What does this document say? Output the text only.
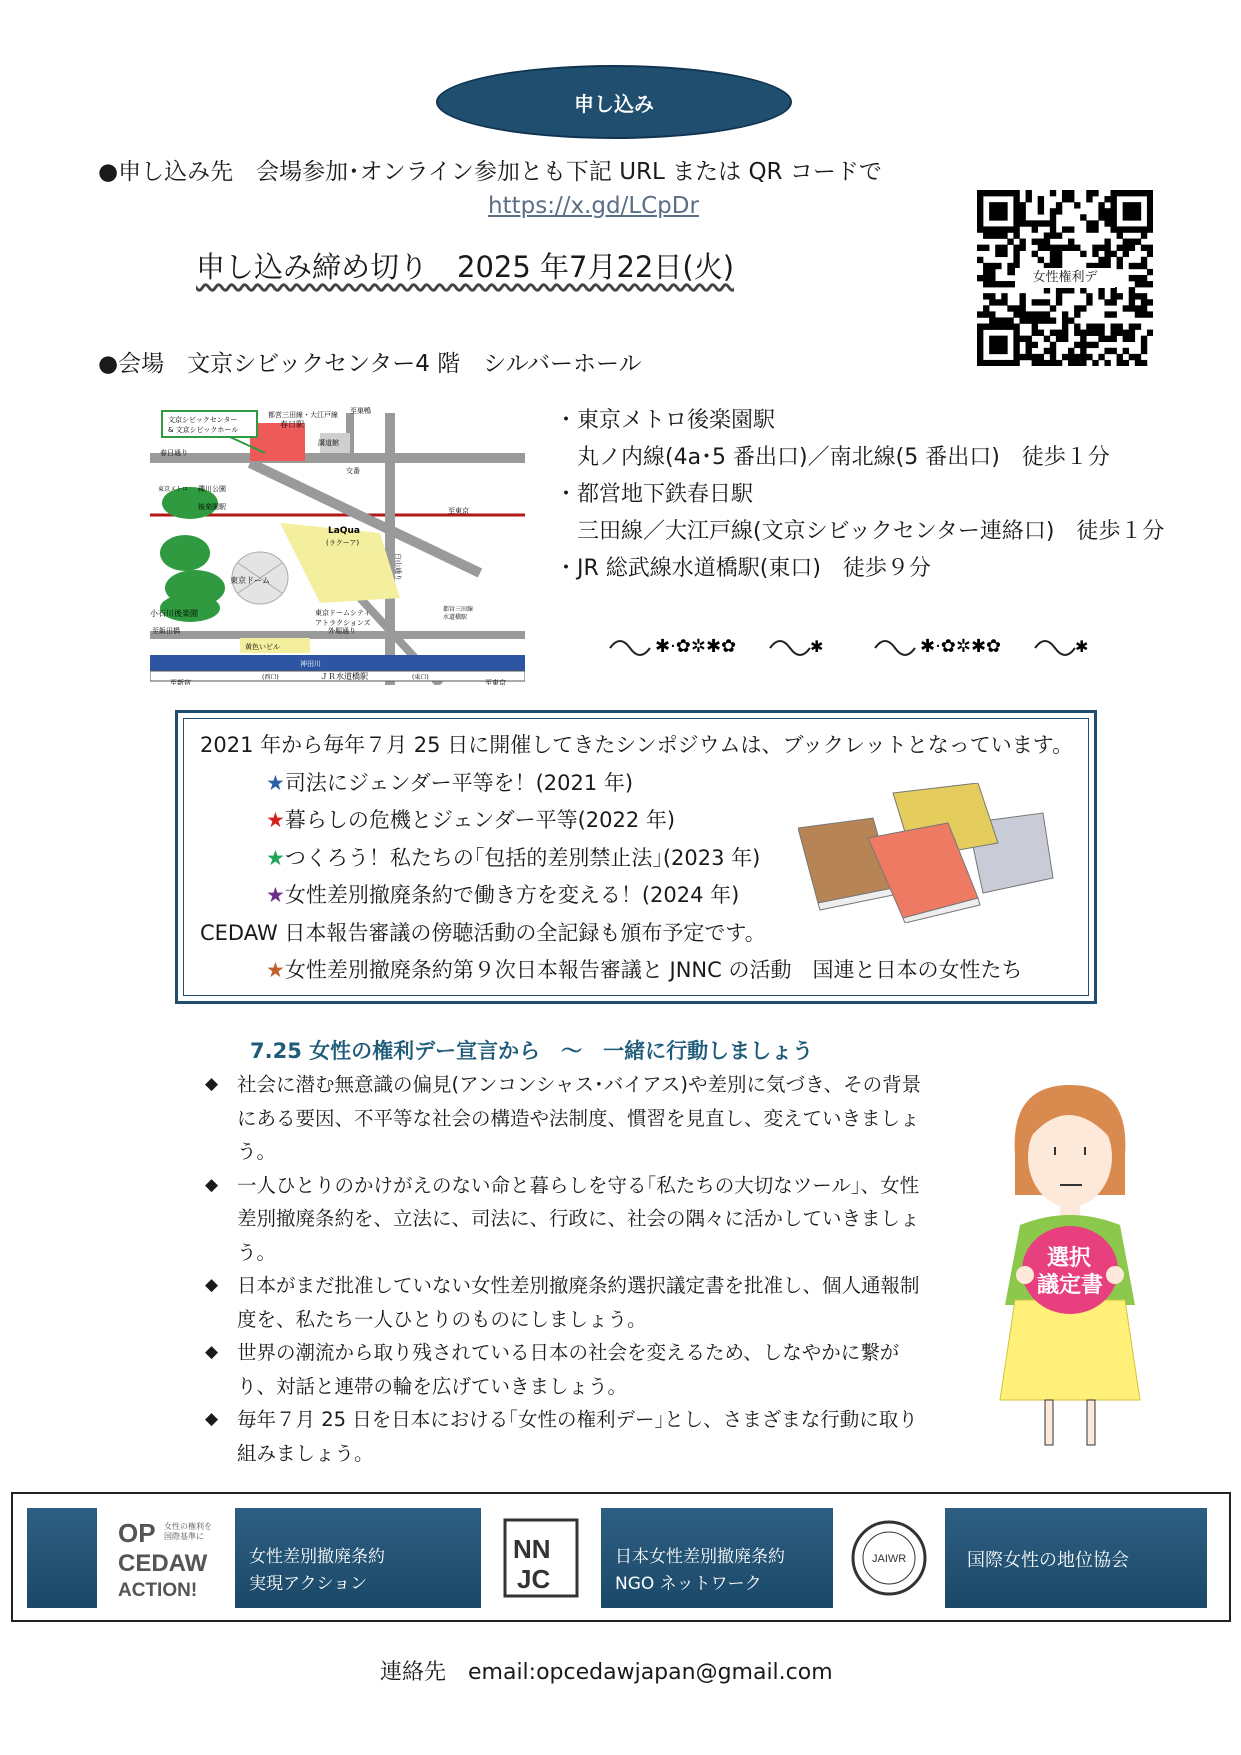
申し込み
●申し込み先　会場参加･オンライン参加とも下記 URL または QR コードで
https://x.gd/LCpDr
申し込み締め切り　2025 年7月22日(火)	女性権利デ
●会場　文京シビックセンター4 階　シルバーホール
文京シビックセンター
& 文京シビックホール
都営三田線・大江戸線
春日駅
至巣鴨
春日通り
東京メトロ
後楽園駅
礫川公園
交番
講道館
LaQua
(ラクーア)
至東京
東京ドーム
小石川後楽園	東京ドームシティ
アトラクションズ
黄色いビル
都営三田線
水道橋駅
外堀通り
至飯田橋
神田川
ＪＲ水道橋駅
(西口)	(東口)
至新宿	至東京
白山通り
・東京メトロ後楽園駅
　丸ノ内線(4a･5 番出口)／南北線(5 番出口)　徒歩１分
・都営地下鉄春日駅
　三田線／大江戸線(文京シビックセンター連絡口)　徒歩１分
・JR 総武線水道橋駅(東口)　徒歩９分
✱·✿✲✱✿	✱	✱·✿✲✱✿	✱
2021 年から毎年７月 25 日に開催してきたシンポジウムは、ブックレットとなっています。
★司法にジェンダー平等を！(2021 年)
★暮らしの危機とジェンダー平等(2022 年)
★つくろう！私たちの｢包括的差別禁止法｣(2023 年)
★女性差別撤廃条約で働き方を変える！(2024 年)
CEDAW 日本報告審議の傍聴活動の全記録も頒布予定です。
★女性差別撤廃条約第９次日本報告審議と JNNC の活動　国連と日本の女性たち
7.25 女性の権利デー宣言から　～　一緒に行動しましょう
◆ 社会に潜む無意識の偏見(アンコンシャス･バイアス)や差別に気づき、その背景にある要因、不平等な社会の構造や法制度、慣習を見直し、変えていきましょう。
◆ 一人ひとりのかけがえのない命と暮らしを守る｢私たちの大切なツール｣、女性差別撤廃条約を、立法に、司法に、行政に、社会の隅々に活かしていきましょう。
◆ 日本がまだ批准していない女性差別撤廃条約選択議定書を批准し、個人通報制度を、私たち一人ひとりのものにしましょう。
◆ 世界の潮流から取り残されている日本の社会を変えるため、しなやかに繋がり、対話と連帯の輪を広げていきましょう。
◆ 毎年７月 25 日を日本における｢女性の権利デー｣とし、さまざまな行動に取り組みましょう。
選択
議定書
OP 女性の権利を
国際基準に
CEDAW
ACTION!
女性差別撤廃条約
実現アクション
NN
JC
日本女性差別撤廃条約
NGO ネットワーク
JAIWR	国際女性の地位協会
連絡先　email:opcedawjapan@gmail.com
